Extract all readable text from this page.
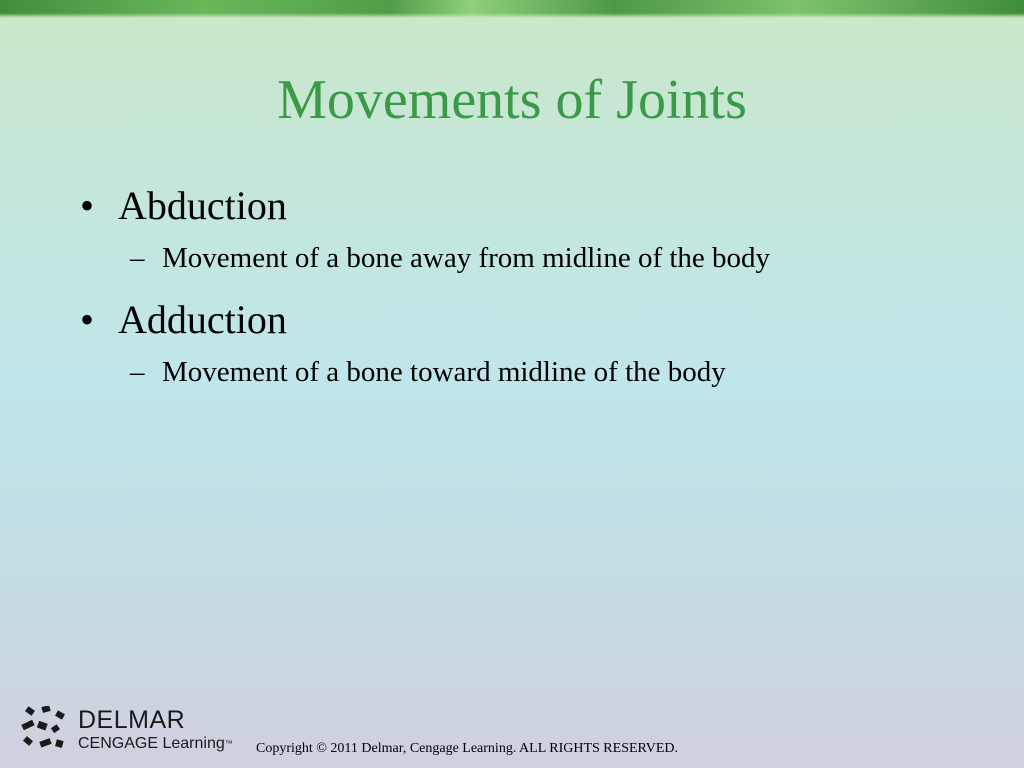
Movements of Joints
• Abduction
– Movement of a bone away from midline of the body
• Adduction
– Movement of a bone toward midline of the body
DELMAR
CENGAGE Learning™ Copyright © 2011 Delmar, Cengage Learning. ALL RIGHTS RESERVED.
